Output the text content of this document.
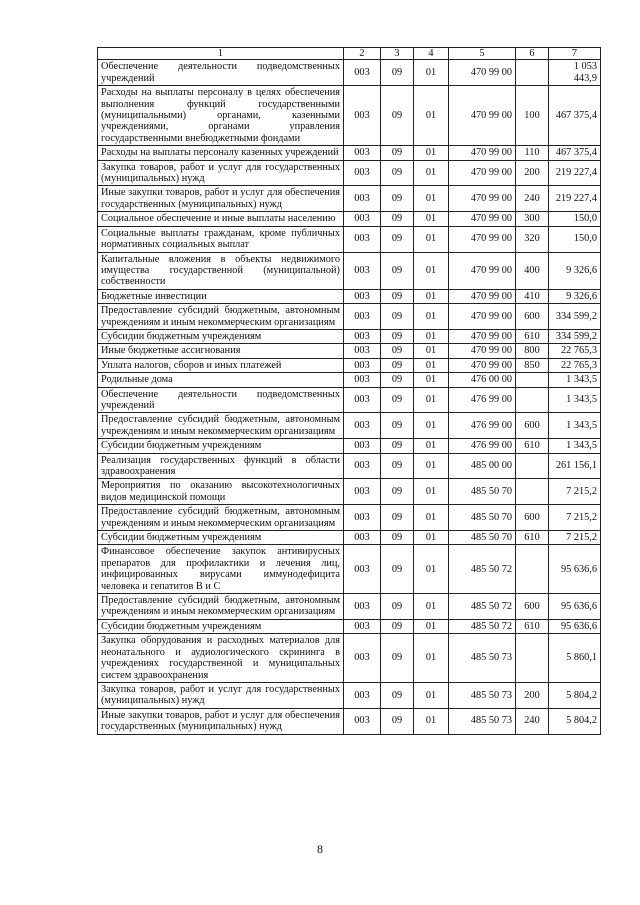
1	2	3	4	5	6	7
Обеспечение деятельности подведомственных учреждений	003	09	01	470 99 00		1 053 443,9
Расходы на выплаты персоналу в целях обеспечения выполнения функций государственными (муниципальными) органами, казенными учреждениями, органами управления государственными внебюджетными фондами	003	09	01	470 99 00	100	467 375,4
Расходы на выплаты персоналу казенных учреждений	003	09	01	470 99 00	110	467 375,4
Закупка товаров, работ и услуг для государственных (муниципальных) нужд	003	09	01	470 99 00	200	219 227,4
Иные закупки товаров, работ и услуг для обеспечения государственных (муниципальных) нужд	003	09	01	470 99 00	240	219 227,4
Социальное обеспечение и иные выплаты населению	003	09	01	470 99 00	300	150,0
Социальные выплаты гражданам, кроме публичных нормативных социальных выплат	003	09	01	470 99 00	320	150,0
Капитальные вложения в объекты недвижимого имущества государственной (муниципальной) собственности	003	09	01	470 99 00	400	9 326,6
Бюджетные инвестиции	003	09	01	470 99 00	410	9 326,6
Предоставление субсидий бюджетным, автономным учреждениям и иным некоммерческим организациям	003	09	01	470 99 00	600	334 599,2
Субсидии бюджетным учреждениям	003	09	01	470 99 00	610	334 599,2
Иные бюджетные ассигнования	003	09	01	470 99 00	800	22 765,3
Уплата налогов, сборов и иных платежей	003	09	01	470 99 00	850	22 765,3
Родильные дома	003	09	01	476 00 00		1 343,5
Обеспечение деятельности подведомственных учреждений	003	09	01	476 99 00		1 343,5
Предоставление субсидий бюджетным, автономным учреждениям и иным некоммерческим организациям	003	09	01	476 99 00	600	1 343,5
Субсидии бюджетным учреждениям	003	09	01	476 99 00	610	1 343,5
Реализация государственных функций в области здравоохранения	003	09	01	485 00 00		261 156,1
Мероприятия по оказанию высокотехнологичных видов медицинской помощи	003	09	01	485 50 70		7 215,2
Предоставление субсидий бюджетным, автономным учреждениям и иным некоммерческим организациям	003	09	01	485 50 70	600	7 215,2
Субсидии бюджетным учреждениям	003	09	01	485 50 70	610	7 215,2
Финансовое обеспечение закупок антивирусных препаратов для профилактики и лечения лиц, инфицированных вирусами иммунодефицита человека и гепатитов В и С	003	09	01	485 50 72		95 636,6
Предоставление субсидий бюджетным, автономным учреждениям и иным некоммерческим организациям	003	09	01	485 50 72	600	95 636,6
Субсидии бюджетным учреждениям	003	09	01	485 50 72	610	95 636,6
Закупка оборудования и расходных материалов для неонатального и аудиологического скрининга в учреждениях государственной и муниципальных систем здравоохранения	003	09	01	485 50 73		5 860,1
Закупка товаров, работ и услуг для государственных (муниципальных) нужд	003	09	01	485 50 73	200	5 804,2
Иные закупки товаров, работ и услуг для обеспечения государственных (муниципальных) нужд	003	09	01	485 50 73	240	5 804,2
8
